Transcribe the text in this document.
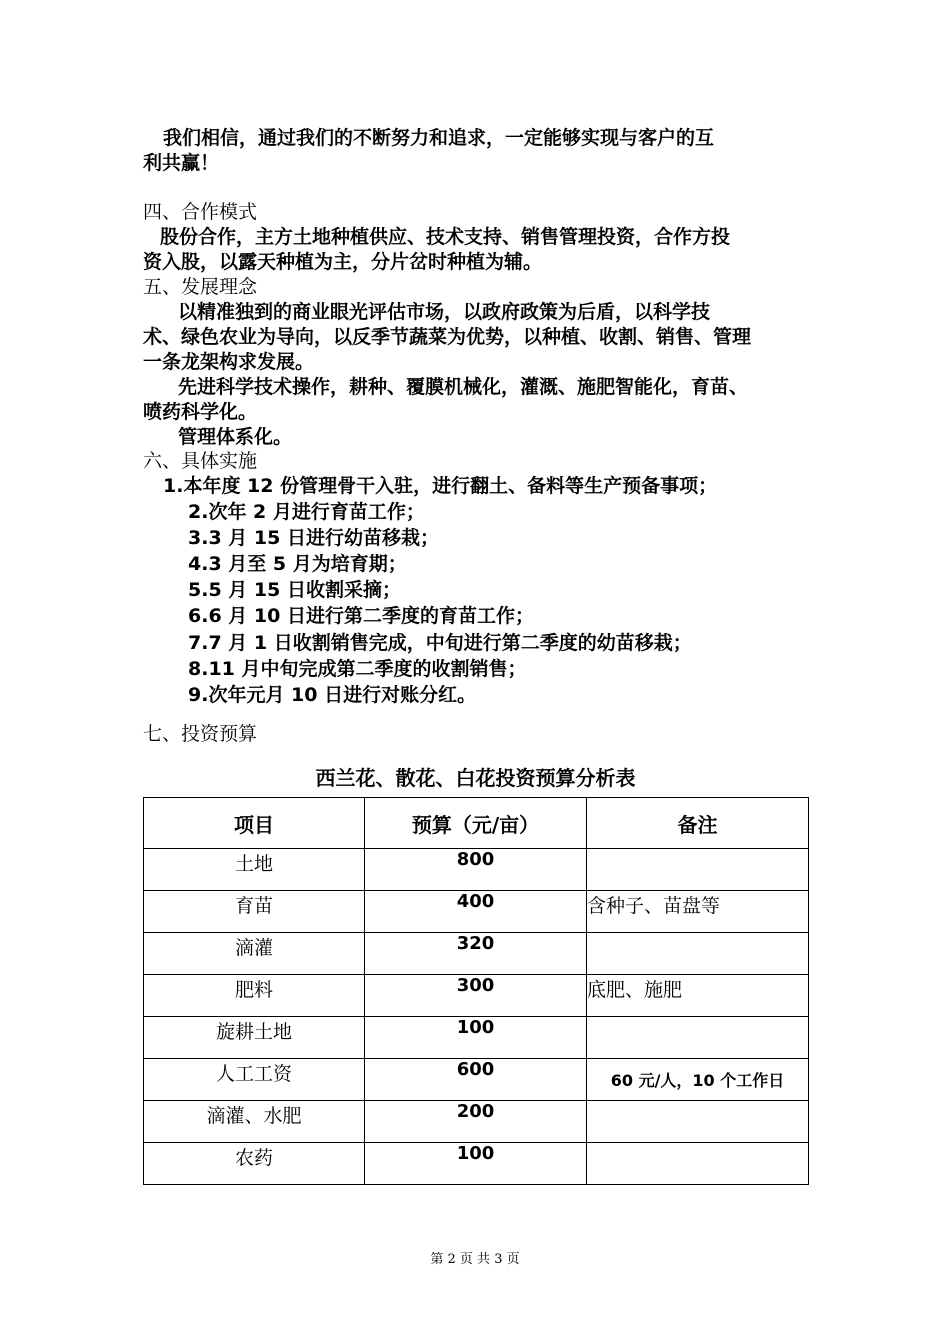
我们相信，通过我们的不断努力和追求，一定能够实现与客户的互
利共赢！
四、合作模式
股份合作，主方土地种植供应、技术支持、销售管理投资，合作方投
资入股，以露天种植为主，分片岔时种植为辅。
五、发展理念
以精准独到的商业眼光评估市场，以政府政策为后盾，以科学技
术、绿色农业为导向，以反季节蔬菜为优势，以种植、收割、销售、管理
一条龙架构求发展。
先进科学技术操作，耕种、覆膜机械化，灌溉、施肥智能化，育苗、
喷药科学化。
管理体系化。
六、具体实施
1.本年度 12 份管理骨干入驻，进行翻土、备料等生产预备事项；
2.次年 2 月进行育苗工作；
3.3 月 15 日进行幼苗移栽；
4.3 月至 5 月为培育期；
5.5 月 15 日收割采摘；
6.6 月 10 日进行第二季度的育苗工作；
7.7 月 1 日收割销售完成，中旬进行第二季度的幼苗移栽；
8.11 月中旬完成第二季度的收割销售；
9.次年元月 10 日进行对账分红。
七、投资预算
西兰花、散花、白花投资预算分析表
项目	预算（元/亩）	备注
土地	800	
育苗	400	含种子、苗盘等
滴灌	320	
肥料	300	底肥、施肥
旋耕土地	100	
人工工资	600	60 元/人，10 个工作日
滴灌、水肥	200	
农药	100	
第 2 页 共 3 页
